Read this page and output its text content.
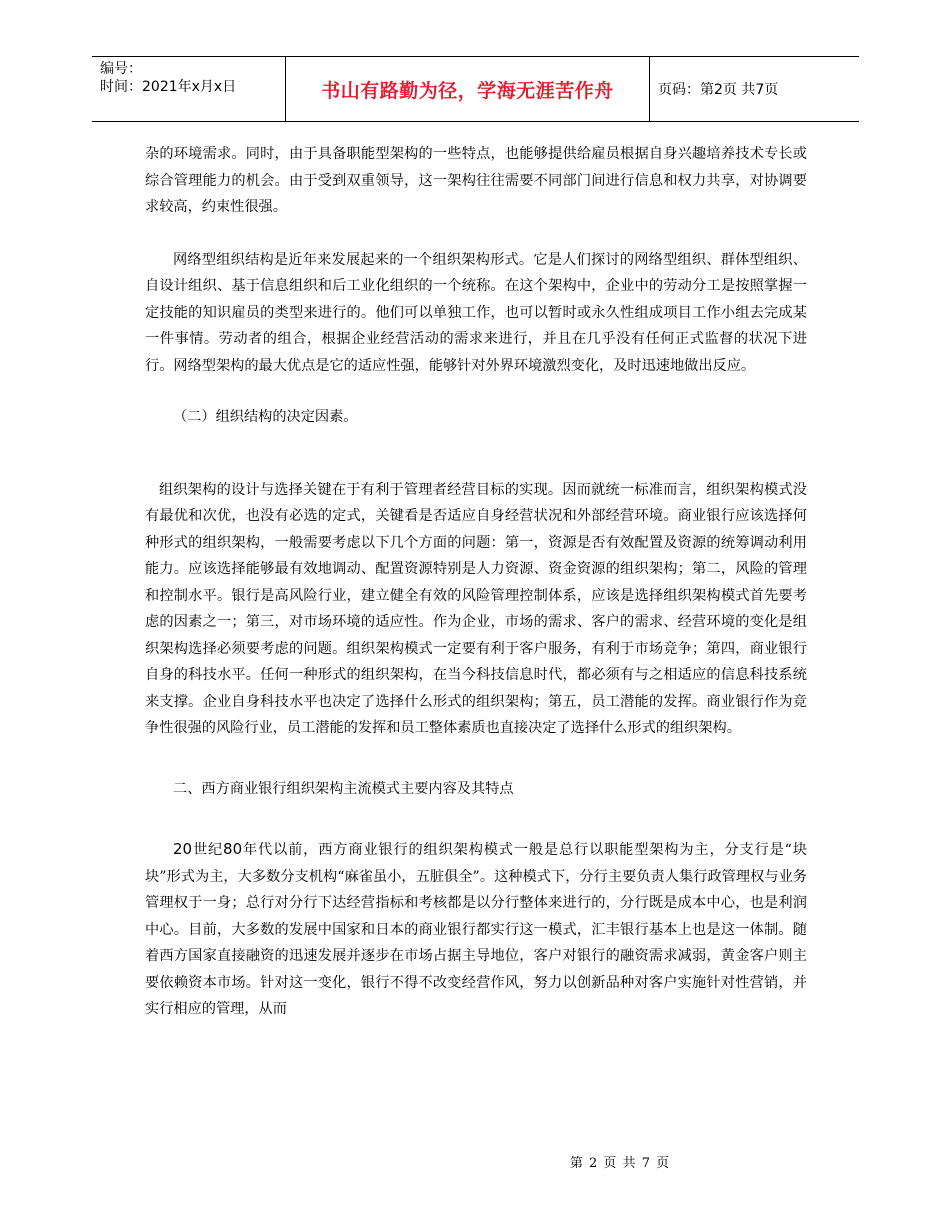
编号：
时间：2021年x月x日	书山有路勤为径，学海无涯苦作舟	页码：第2页 共7页

杂的环境需求。同时，由于具备职能型架构的一些特点，也能够提供给雇员根据自身兴趣培养技术专长或综合管理能力的机会。由于受到双重领导，这一架构往往需要不同部门间进行信息和权力共享，对协调要求较高，约束性很强。

网络型组织结构是近年来发展起来的一个组织架构形式。它是人们探讨的网络型组织、群体型组织、自设计组织、基于信息组织和后工业化组织的一个统称。在这个架构中，企业中的劳动分工是按照掌握一定技能的知识雇员的类型来进行的。他们可以单独工作，也可以暂时或永久性组成项目工作小组去完成某一件事情。劳动者的组合，根据企业经营活动的需求来进行，并且在几乎没有任何正式监督的状况下进行。网络型架构的最大优点是它的适应性强，能够针对外界环境激烈变化，及时迅速地做出反应。

（二）组织结构的决定因素。

组织架构的设计与选择关键在于有利于管理者经营目标的实现。因而就统一标准而言，组织架构模式没有最优和次优，也没有必选的定式，关键看是否适应自身经营状况和外部经营环境。商业银行应该选择何种形式的组织架构，一般需要考虑以下几个方面的问题：第一，资源是否有效配置及资源的统筹调动利用能力。应该选择能够最有效地调动、配置资源特别是人力资源、资金资源的组织架构；第二，风险的管理和控制水平。银行是高风险行业，建立健全有效的风险管理控制体系，应该是选择组织架构模式首先要考虑的因素之一；第三，对市场环境的适应性。作为企业，市场的需求、客户的需求、经营环境的变化是组织架构选择必须要考虑的问题。组织架构模式一定要有利于客户服务，有利于市场竞争；第四，商业银行自身的科技水平。任何一种形式的组织架构，在当今科技信息时代，都必须有与之相适应的信息科技系统来支撑。企业自身科技水平也决定了选择什么形式的组织架构；第五，员工潜能的发挥。商业银行作为竞争性很强的风险行业，员工潜能的发挥和员工整体素质也直接决定了选择什么形式的组织架构。

二、西方商业银行组织架构主流模式主要内容及其特点

20世纪80年代以前，西方商业银行的组织架构模式一般是总行以职能型架构为主，分支行是“块块”形式为主，大多数分支机构“麻雀虽小，五脏俱全”。这种模式下，分行主要负责人集行政管理权与业务管理权于一身；总行对分行下达经营指标和考核都是以分行整体来进行的，分行既是成本中心，也是利润中心。目前，大多数的发展中国家和日本的商业银行都实行这一模式，汇丰银行基本上也是这一体制。随着西方国家直接融资的迅速发展并逐步在市场占据主导地位，客户对银行的融资需求减弱，黄金客户则主要依赖资本市场。针对这一变化，银行不得不改变经营作风，努力以创新品种对客户实施针对性营销，并实行相应的管理，从而

第 2 页 共 7 页
